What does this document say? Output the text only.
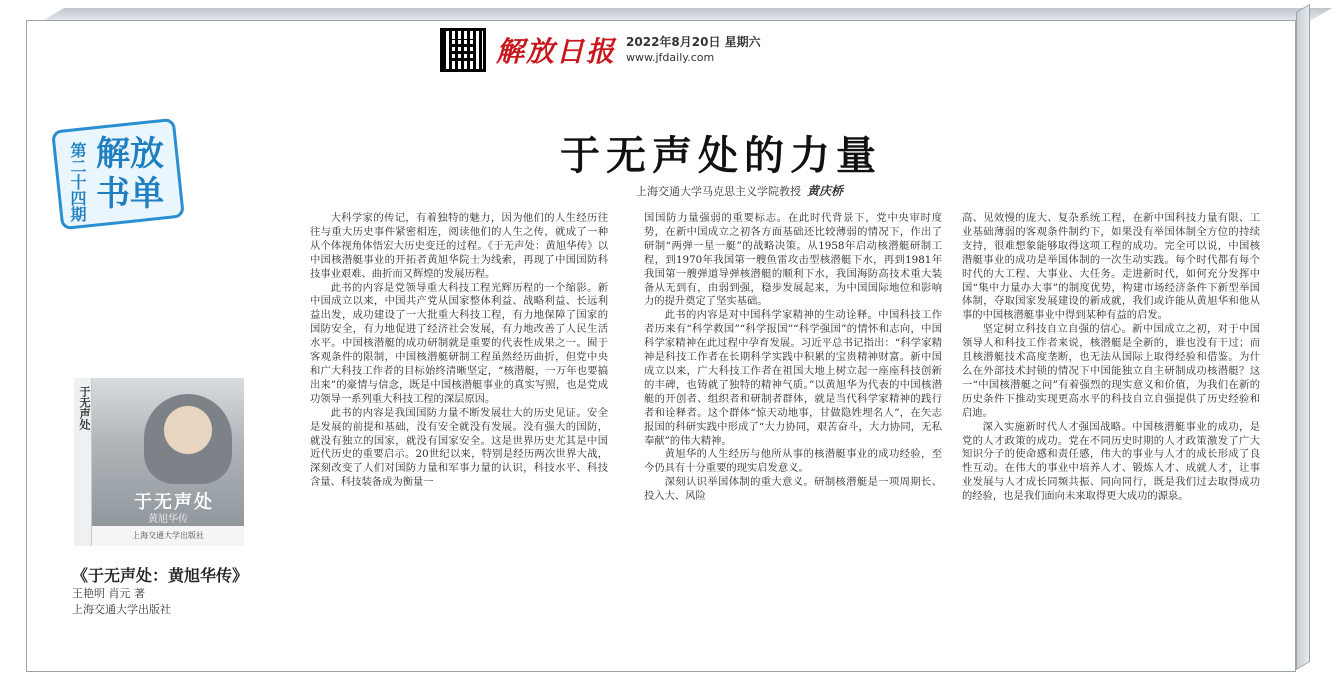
解放日报 2022年8月20日 星期六
www.jfdaily.com
第二十四期 解放书单
于无声处
于无声处
黄旭华传
上海交通大学出版社
《于无声处：黄旭华传》
王艳明 肖元 著
上海交通大学出版社
于无声处的力量
上海交通大学马克思主义学院教授 黄庆桥

大科学家的传记，有着独特的魅力，因为他们的人生经历往往与重大历史事件紧密相连，阅读他们的人生之传，就成了一种从个体视角体悟宏大历史变迁的过程。《于无声处：黄旭华传》以中国核潜艇事业的开拓者黄旭华院士为线索，再现了中国国防科技事业艰难、曲折而又辉煌的发展历程。

此书的内容是党领导重大科技工程光辉历程的一个缩影。新中国成立以来，中国共产党从国家整体利益、战略利益、长远利益出发，成功建设了一大批重大科技工程，有力地保障了国家的国防安全，有力地促进了经济社会发展，有力地改善了人民生活水平。中国核潜艇的成功研制就是重要的代表性成果之一。囿于客观条件的限制，中国核潜艇研制工程虽然经历曲折，但党中央和广大科技工作者的目标始终清晰坚定，“核潜艇，一万年也要搞出来”的豪情与信念，既是中国核潜艇事业的真实写照，也是党成功领导一系列重大科技工程的深层原因。

此书的内容是我国国防力量不断发展壮大的历史见证。安全是发展的前提和基础，没有安全就没有发展。没有强大的国防，就没有独立的国家，就没有国家安全。这是世界历史尤其是中国近代历史的重要启示。20世纪以来，特别是经历两次世界大战，深刻改变了人们对国防力量和军事力量的认识，科技水平、科技含量、科技装备成为衡量一

国国防力量强弱的重要标志。在此时代背景下，党中央审时度势，在新中国成立之初各方面基础还比较薄弱的情况下，作出了研制“两弹一星一艇”的战略决策。从1958年启动核潜艇研制工程，到1970年我国第一艘鱼雷攻击型核潜艇下水，再到1981年我国第一艘弹道导弹核潜艇的顺利下水，我国海防高技术重大装备从无到有，由弱到强，稳步发展起来，为中国国际地位和影响力的提升奠定了坚实基础。

此书的内容是对中国科学家精神的生动诠释。中国科技工作者历来有“科学救国”“科学报国”“科学强国”的情怀和志向，中国科学家精神在此过程中孕育发展。习近平总书记指出：“科学家精神是科技工作者在长期科学实践中积累的宝贵精神财富。新中国成立以来，广大科技工作者在祖国大地上树立起一座座科技创新的丰碑，也铸就了独特的精神气质。”以黄旭华为代表的中国核潜艇的开创者、组织者和研制者群体，就是当代科学家精神的践行者和诠释者。这个群体“惊天动地事，甘做隐姓埋名人”，在矢志报国的科研实践中形成了“大力协同，艰苦奋斗，大力协同，无私奉献”的伟大精神。

黄旭华的人生经历与他所从事的核潜艇事业的成功经验，至今仍具有十分重要的现实启发意义。

深刻认识举国体制的重大意义。研制核潜艇是一项周期长、投入大、风险

高、见效慢的庞大、复杂系统工程，在新中国科技力量有限、工业基础薄弱的客观条件制约下，如果没有举国体制全方位的持续支持，很难想象能够取得这项工程的成功。完全可以说，中国核潜艇事业的成功是举国体制的一次生动实践。每个时代都有每个时代的大工程、大事业、大任务。走进新时代，如何充分发挥中国“集中力量办大事”的制度优势，构建市场经济条件下新型举国体制，夺取国家发展建设的新成就，我们或许能从黄旭华和他从事的中国核潜艇事业中得到某种有益的启发。

坚定树立科技自立自强的信心。新中国成立之初，对于中国领导人和科技工作者来说，核潜艇是全新的，谁也没有干过；而且核潜艇技术高度垄断，也无法从国际上取得经验和借鉴。为什么在外部技术封锁的情况下中国能独立自主研制成功核潜艇？这一“中国核潜艇之问”有着强烈的现实意义和价值，为我们在新的历史条件下推动实现更高水平的科技自立自强提供了历史经验和启迪。

深入实施新时代人才强国战略。中国核潜艇事业的成功，是党的人才政策的成功。党在不同历史时期的人才政策激发了广大知识分子的使命感和责任感，伟大的事业与人才的成长形成了良性互动。在伟大的事业中培养人才、锻炼人才、成就人才，让事业发展与人才成长同频共振、同向同行，既是我们过去取得成功的经验，也是我们面向未来取得更大成功的源泉。
